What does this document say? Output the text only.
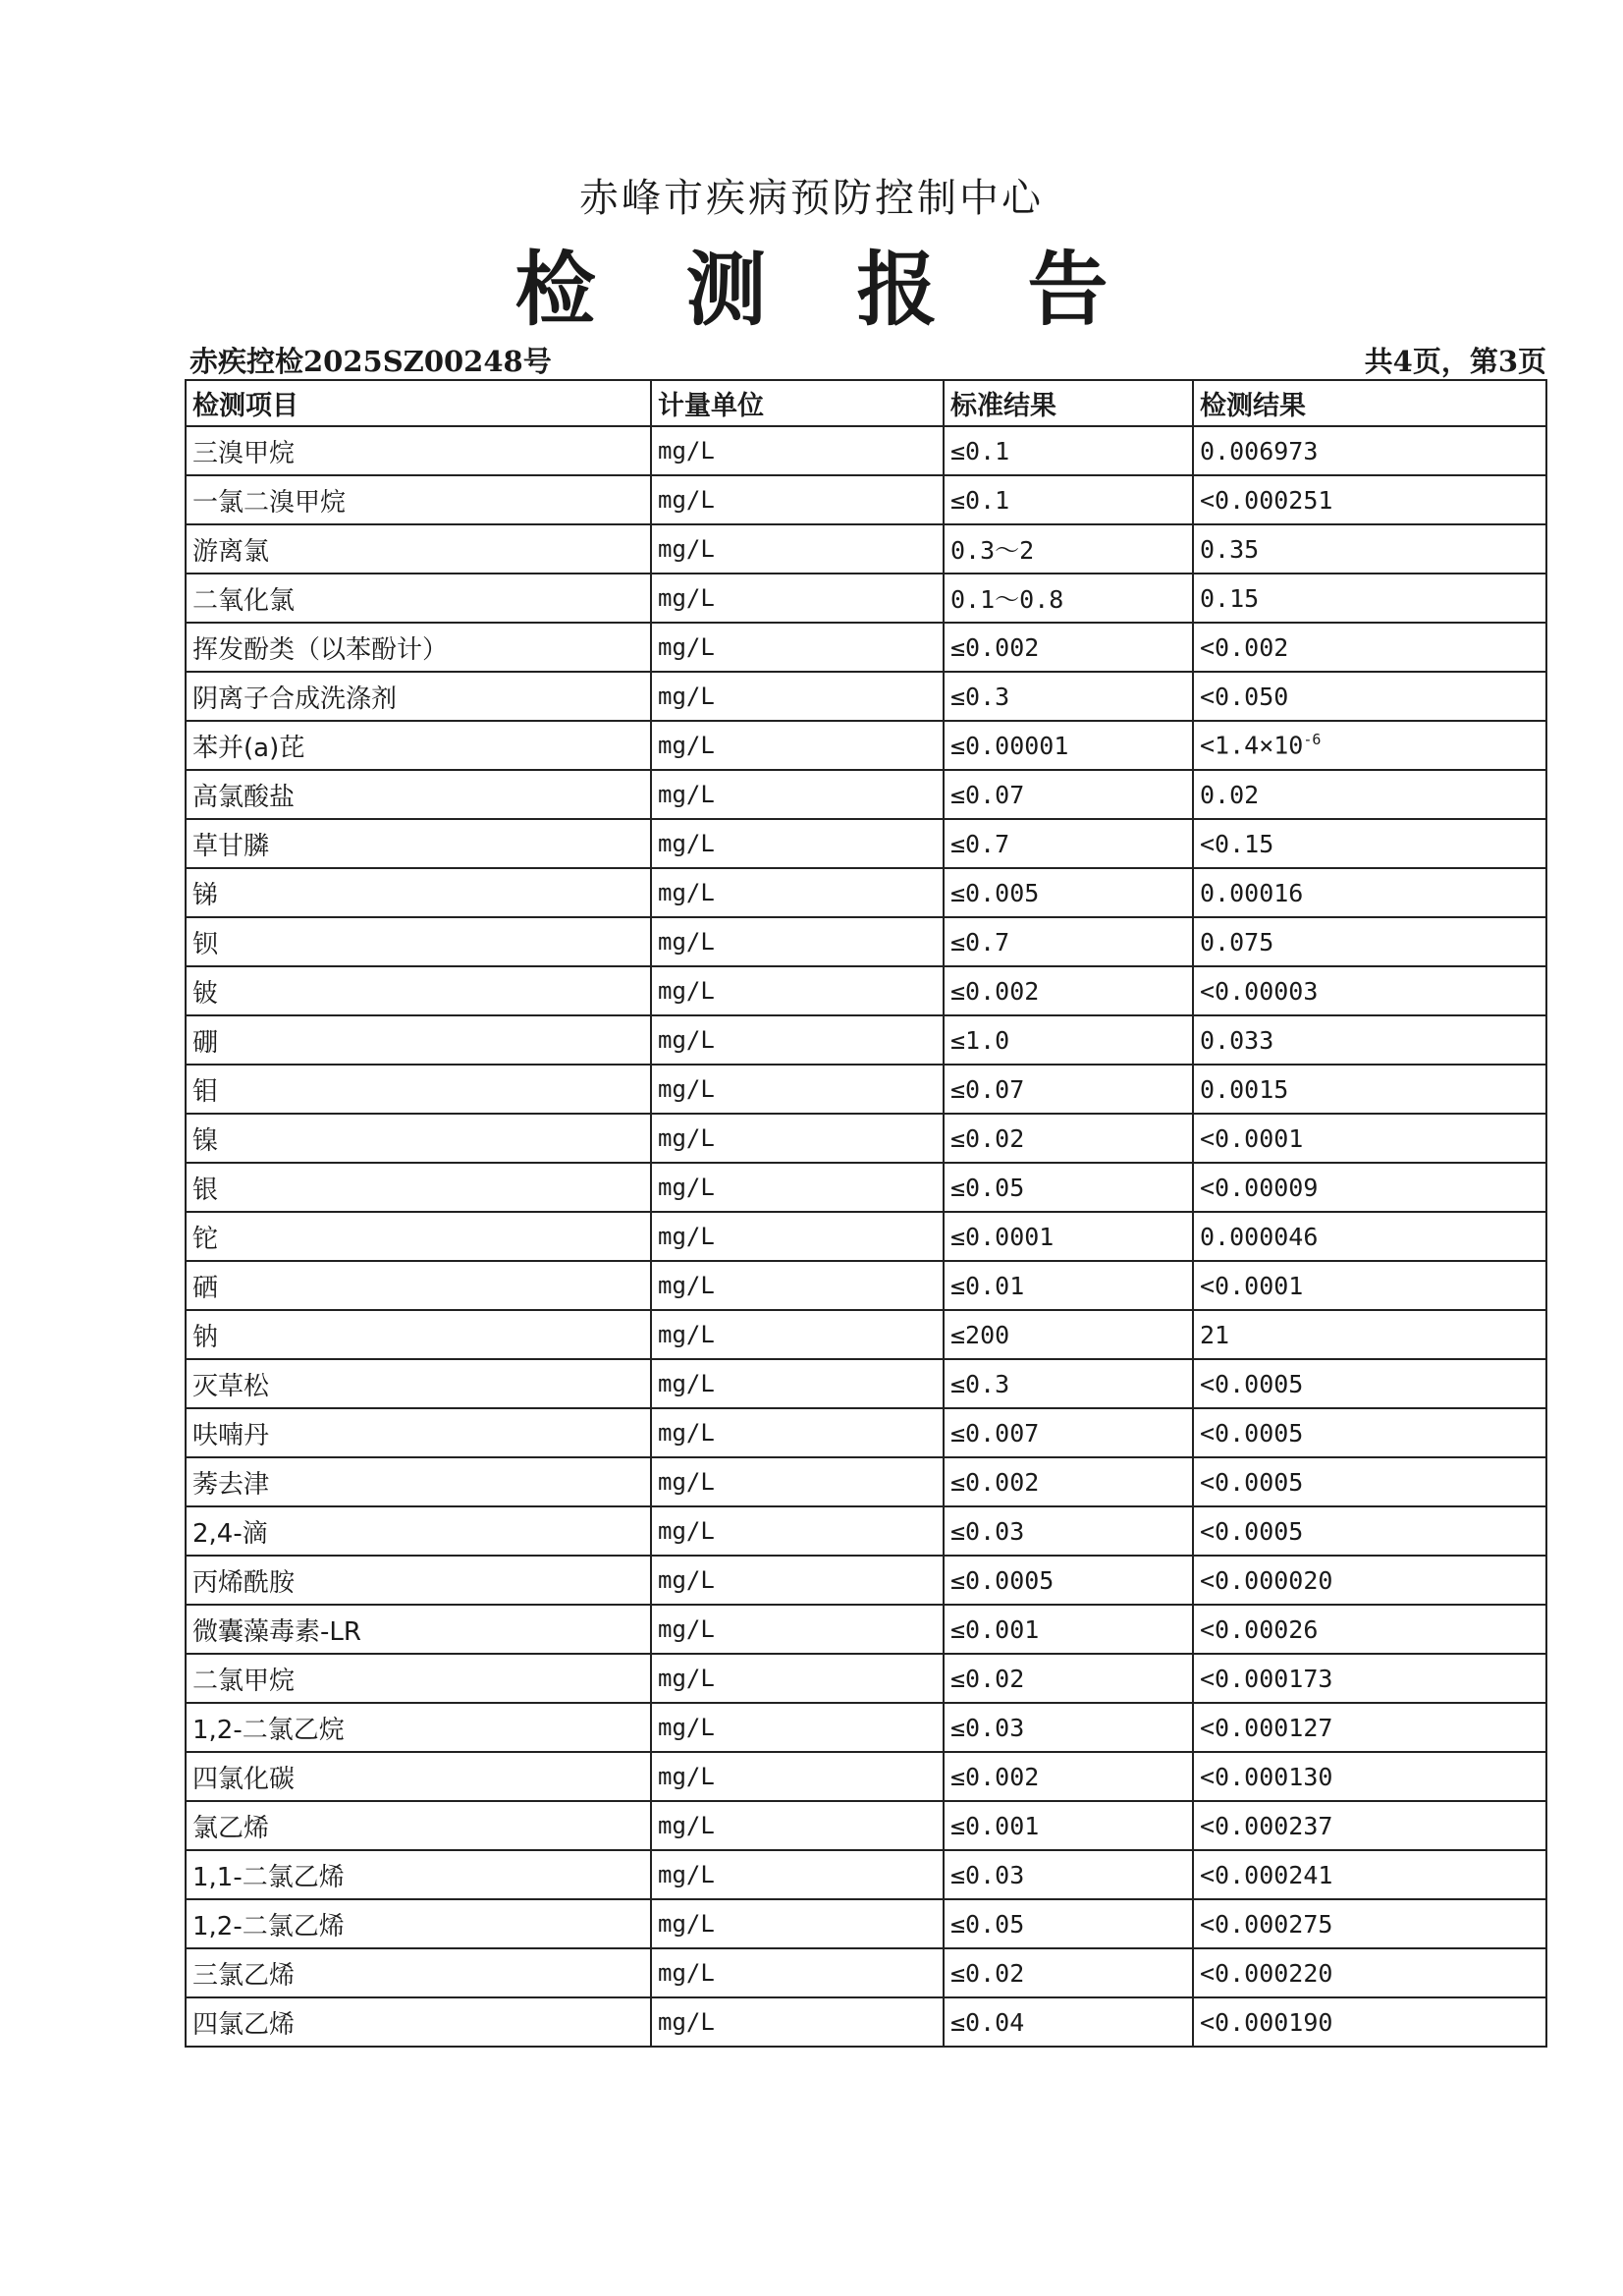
赤峰市疾病预防控制中心
检 测 报 告
赤疾控检2025SZ00248号	共4页，第3页
检测项目	计量单位	标准结果	检测结果
三溴甲烷	mg/L	≤0.1	0.006973
一氯二溴甲烷	mg/L	≤0.1	<0.000251
游离氯	mg/L	0.3～2	0.35
二氧化氯	mg/L	0.1～0.8	0.15
挥发酚类（以苯酚计）	mg/L	≤0.002	<0.002
阴离子合成洗涤剂	mg/L	≤0.3	<0.050
苯并(a)芘	mg/L	≤0.00001	$<1.4\times 10^{-6}$
高氯酸盐	mg/L	≤0.07	0.02
草甘膦	mg/L	≤0.7	<0.15
锑	mg/L	≤0.005	0.00016
钡	mg/L	≤0.7	0.075
铍	mg/L	≤0.002	<0.00003
硼	mg/L	≤1.0	0.033
钼	mg/L	≤0.07	0.0015
镍	mg/L	≤0.02	<0.0001
银	mg/L	≤0.05	<0.00009
铊	mg/L	≤0.0001	0.000046
硒	mg/L	≤0.01	<0.0001
钠	mg/L	≤200	21
灭草松	mg/L	≤0.3	<0.0005
呋喃丹	mg/L	≤0.007	<0.0005
莠去津	mg/L	≤0.002	<0.0005
2,4-滴	mg/L	≤0.03	<0.0005
丙烯酰胺	mg/L	≤0.0005	<0.000020
微囊藻毒素-LR	mg/L	≤0.001	<0.00026
二氯甲烷	mg/L	≤0.02	<0.000173
1,2-二氯乙烷	mg/L	≤0.03	<0.000127
四氯化碳	mg/L	≤0.002	<0.000130
氯乙烯	mg/L	≤0.001	<0.000237
1,1-二氯乙烯	mg/L	≤0.03	<0.000241
1,2-二氯乙烯	mg/L	≤0.05	<0.000275
三氯乙烯	mg/L	≤0.02	<0.000220
四氯乙烯	mg/L	≤0.04	<0.000190
